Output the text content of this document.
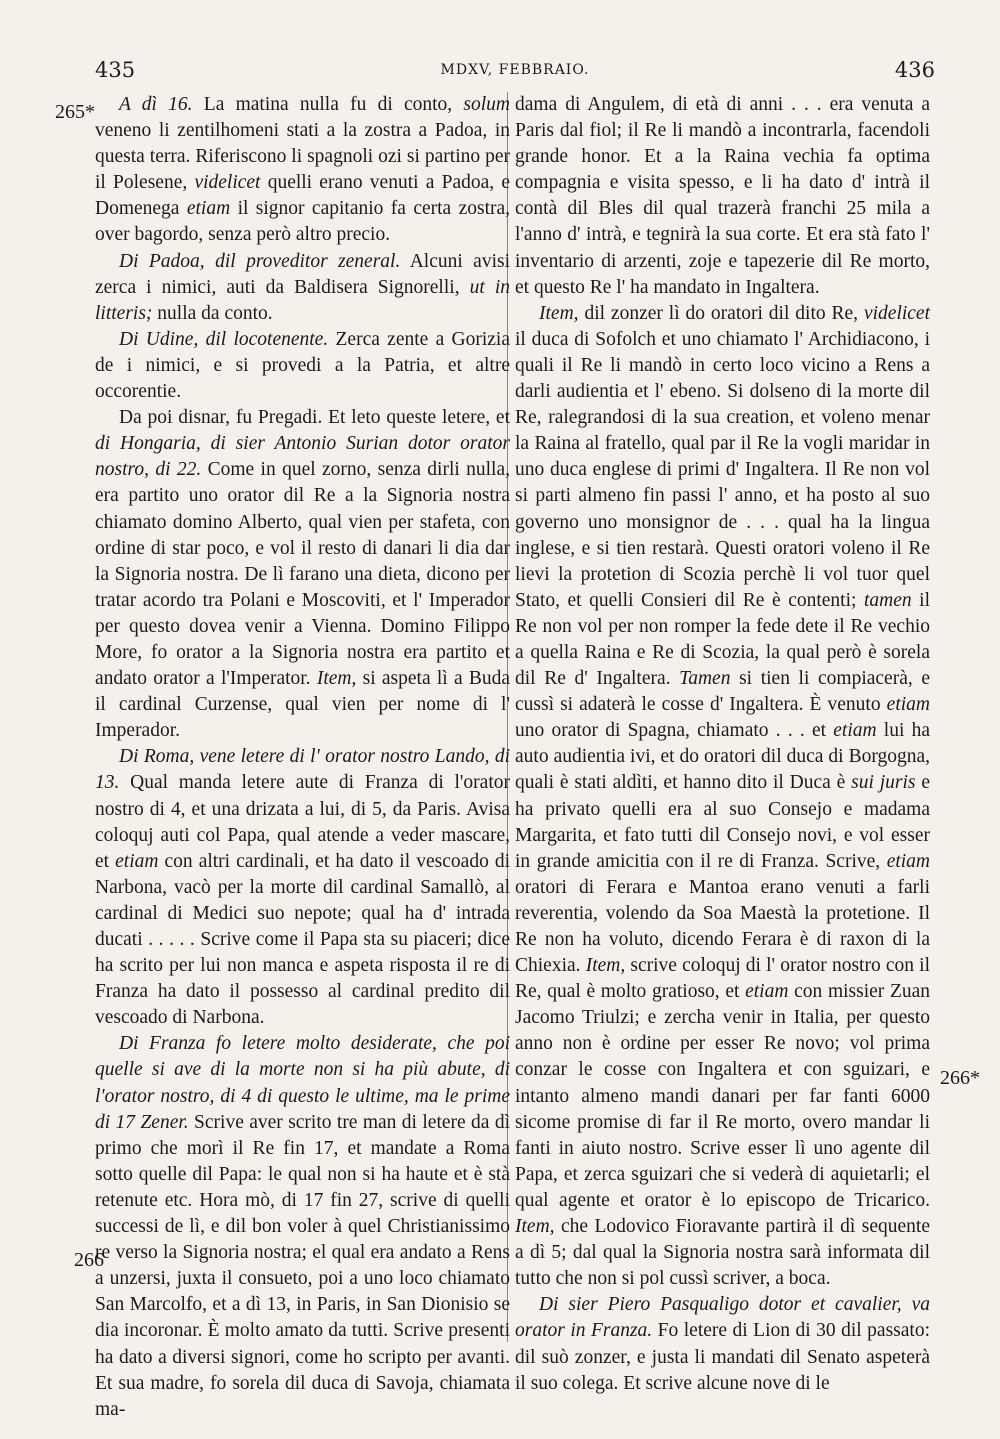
435	MDXV, FEBBRAIO.	436
265*
266
266*

A dì 16. La matina nulla fu di conto, solum veneno li zentilhomeni stati a la zostra a Padoa, in questa terra. Riferiscono li spagnoli ozi si partino per il Polesene, videlicet quelli erano venuti a Padoa, e Domenega etiam il signor capitanio fa certa zostra, over bagordo, senza però altro precio.

Di Padoa, dil proveditor zeneral. Alcuni avisi zerca i nimici, auti da Baldisera Signorelli, ut in litteris; nulla da conto.

Di Udine, dil locotenente. Zerca zente a Gorizia de i nimici, e si provedi a la Patria, et altre occorentie.

Da poi disnar, fu Pregadi. Et leto queste letere, et di Hongaria, di sier Antonio Surian dotor orator nostro, di 22. Come in quel zorno, senza dirli nulla, era partito uno orator dil Re a la Signoria nostra chiamato domino Alberto, qual vien per stafeta, con ordine di star poco, e vol il resto di danari li dia dar la Signoria nostra. De lì farano una dieta, dicono per tratar acordo tra Polani e Moscoviti, et l' Imperador per questo dovea venir a Vienna. Domino Filippo More, fo orator a la Signoria nostra era partito et andato orator a l'Imperator. Item, si aspeta lì a Buda il cardinal Curzense, qual vien per nome di l' Imperador.

Di Roma, vene letere di l' orator nostro Lando, di 13. Qual manda letere aute di Franza di l'orator nostro di 4, et una drizata a lui, di 5, da Paris. Avisa coloquj auti col Papa, qual atende a veder mascare, et etiam con altri cardinali, et ha dato il vescoado di Narbona, vacò per la morte dil cardinal Samallò, al cardinal di Medici suo nepote; qual ha d' intrada ducati . . . . . Scrive come il Papa sta su piaceri; dice ha scrito per lui non manca e aspeta risposta il re di Franza ha dato il possesso al cardinal predito dil vescoado di Narbona.

Di Franza fo letere molto desiderate, che poi quelle si ave di la morte non si ha più abute, di l'orator nostro, di 4 di questo le ultime, ma le prime di 17 Zener. Scrive aver scrito tre man di letere da dì primo che morì il Re fin 17, et mandate a Roma sotto quelle dil Papa: le qual non si ha haute et è stà retenute etc. Hora mò, di 17 fin 27, scrive di quelli successi de lì, e dil bon voler à quel Christianissimo re verso la Signoria nostra; el qual era andato a Rens a unzersi, juxta il consueto, poi a uno loco chiamato San Marcolfo, et a dì 13, in Paris, in San Dionisio se dia incoronar. È molto amato da tutti. Scrive presenti ha dato a diversi signori, come ho scripto per avanti. Et sua madre, fo sorela dil duca di Savoja, chiamata ma-

dama di Angulem, di età di anni . . . era venuta a Paris dal fiol; il Re li mandò a incontrarla, facendoli grande honor. Et a la Raina vechia fa optima compagnia e visita spesso, e li ha dato d' intrà il contà dil Bles dil qual trazerà franchi 25 mila a l'anno d' intrà, e tegnirà la sua corte. Et era stà fato l' inventario di arzenti, zoje e tapezerie dil Re morto, et questo Re l' ha mandato in Ingaltera.

Item, dil zonzer lì do oratori dil dito Re, videlicet il duca di Sofolch et uno chiamato l' Archidiacono, i quali il Re li mandò in certo loco vicino a Rens a darli audientia et l' ebeno. Si dolseno di la morte dil Re, ralegrandosi di la sua creation, et voleno menar la Raina al fratello, qual par il Re la vogli maridar in uno duca englese di primi d' Ingaltera. Il Re non vol si parti almeno fin passi l' anno, et ha posto al suo governo uno monsignor de . . . qual ha la lingua inglese, e si tien restarà. Questi oratori voleno il Re lievi la protetion di Scozia perchè li vol tuor quel Stato, et quelli Consieri dil Re è contenti; tamen il Re non vol per non romper la fede dete il Re vechio a quella Raina e Re di Scozia, la qual però è sorela dil Re d' Ingaltera. Tamen si tien li compiacerà, e cussì si adaterà le cosse d' Ingaltera. È venuto etiam uno orator di Spagna, chiamato . . . et etiam lui ha auto audientia ivi, et do oratori dil duca di Borgogna, quali è stati aldìti, et hanno dito il Duca è sui juris e ha privato quelli era al suo Consejo e madama Margarita, et fato tutti dil Consejo novi, e vol esser in grande amicitia con il re di Franza. Scrive, etiam oratori di Ferara e Mantoa erano venuti a farli reverentia, volendo da Soa Maestà la protetione. Il Re non ha voluto, dicendo Ferara è di raxon di la Chiexia. Item, scrive coloquj di l' orator nostro con il Re, qual è molto gratioso, et etiam con missier Zuan Jacomo Triulzi; e zercha venir in Italia, per questo anno non è ordine per esser Re novo; vol prima conzar le cosse con Ingaltera et con sguizari, e intanto almeno mandi danari per far fanti 6000 sicome promise di far il Re morto, overo mandar li fanti in aiuto nostro. Scrive esser lì uno agente dil Papa, et zerca sguizari che si vederà di aquietarli; el qual agente et orator è lo episcopo de Tricarico. Item, che Lodovico Fioravante partirà il dì sequente a dì 5; dal qual la Signoria nostra sarà informata dil tutto che non si pol cussì scriver, a boca.

Di sier Piero Pasqualigo dotor et cavalier, va orator in Franza. Fo letere di Lion di 30 dil passato: dil suò zonzer, e justa li mandati dil Senato aspeterà il suo colega. Et scrive alcune nove di le
